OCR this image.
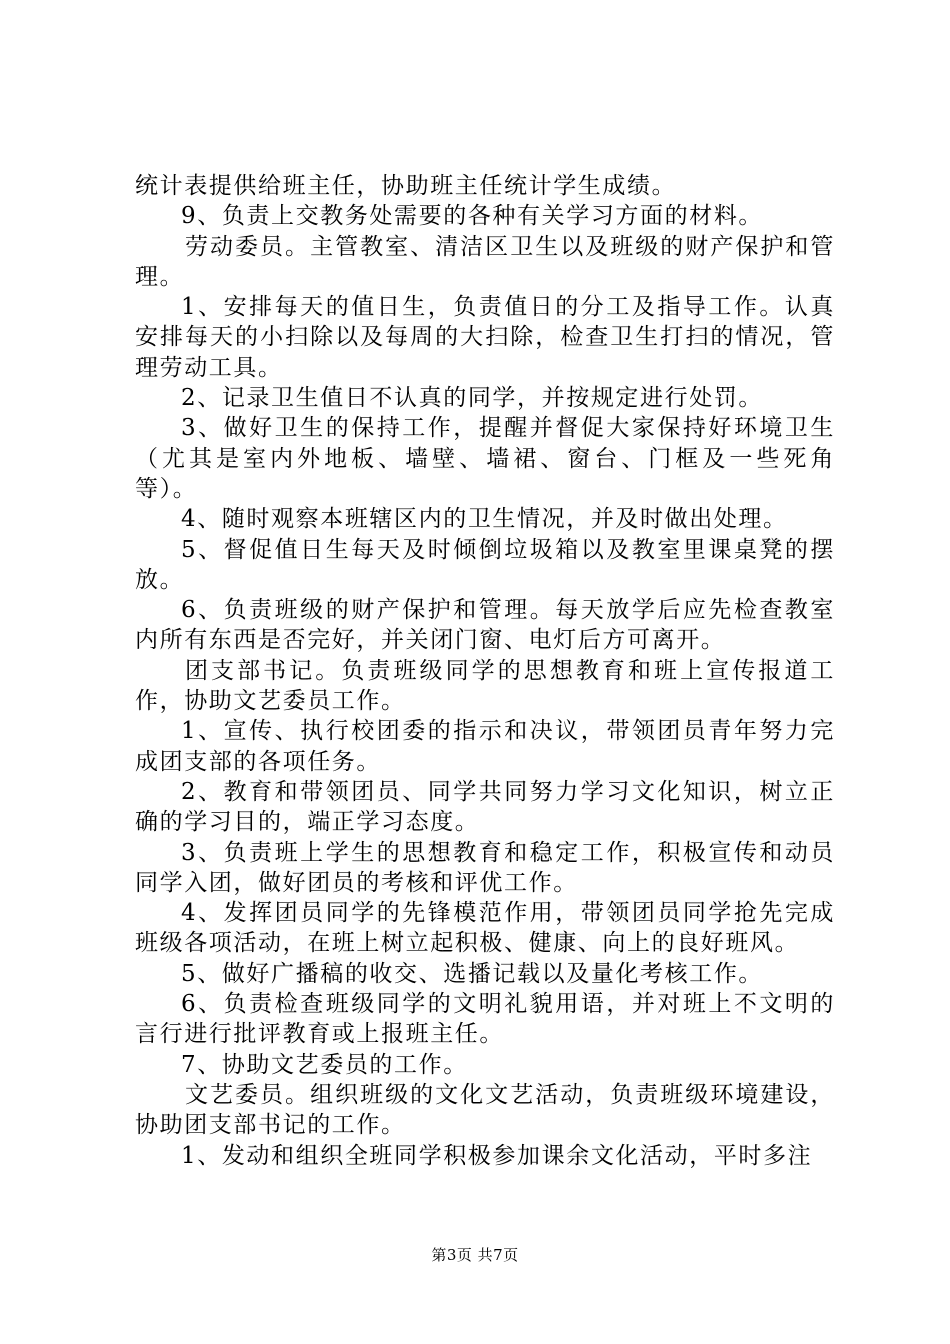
统计表提供给班主任，协助班主任统计学生成绩。

9、负责上交教务处需要的各种有关学习方面的材料。

劳动委员。主管教室、清洁区卫生以及班级的财产保护和管理。

1、安排每天的值日生，负责值日的分工及指导工作。认真安排每天的小扫除以及每周的大扫除，检查卫生打扫的情况，管理劳动工具。

2、记录卫生值日不认真的同学，并按规定进行处罚。

3、做好卫生的保持工作，提醒并督促大家保持好环境卫生（尤其是室内外地板、墙壁、墙裙、窗台、门框及一些死角等）。

4、随时观察本班辖区内的卫生情况，并及时做出处理。

5、督促值日生每天及时倾倒垃圾箱以及教室里课桌凳的摆放。

6、负责班级的财产保护和管理。每天放学后应先检查教室内所有东西是否完好，并关闭门窗、电灯后方可离开。

团支部书记。负责班级同学的思想教育和班上宣传报道工作，协助文艺委员工作。

1、宣传、执行校团委的指示和决议，带领团员青年努力完成团支部的各项任务。

2、教育和带领团员、同学共同努力学习文化知识，树立正确的学习目的，端正学习态度。

3、负责班上学生的思想教育和稳定工作，积极宣传和动员同学入团，做好团员的考核和评优工作。

4、发挥团员同学的先锋模范作用，带领团员同学抢先完成班级各项活动，在班上树立起积极、健康、向上的良好班风。

5、做好广播稿的收交、选播记载以及量化考核工作。

6、负责检查班级同学的文明礼貌用语，并对班上不文明的言行进行批评教育或上报班主任。

7、协助文艺委员的工作。

文艺委员。组织班级的文化文艺活动，负责班级环境建设，协助团支部书记的工作。

1、发动和组织全班同学积极参加课余文化活动，平时多注

第3页 共7页
